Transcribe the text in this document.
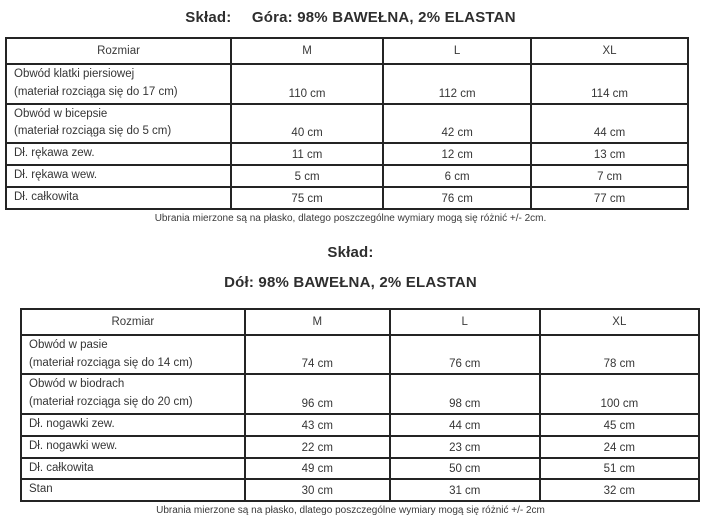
Skład: Góra: 98% BAWEŁNA, 2% ELASTAN
Rozmiar	M	L	XL

Obwód klatki piersiowej
(materiał rozciąga się do 17 cm)	110 cm	112 cm	114 cm

Obwód w bicepsie
(materiał rozciąga się do 5 cm)	40 cm	42 cm	44 cm

Dł. rękawa zew.	11 cm	12 cm	13 cm

Dł. rękawa wew.	5 cm	6 cm	7 cm

Dł. całkowita	75 cm	76 cm	77 cm
Ubrania mierzone są na płasko, dlatego poszczególne wymiary mogą się różnić +/- 2cm.
Skład:
Dół: 98% BAWEŁNA, 2% ELASTAN
Rozmiar	M	L	XL

Obwód w pasie
(materiał rozciąga się do 14 cm)	74 cm	76 cm	78 cm

Obwód w biodrach
(materiał rozciąga się do 20 cm)	96 cm	98 cm	100 cm

Dł. nogawki zew.	43 cm	44 cm	45 cm

Dł. nogawki wew.	22 cm	23 cm	24 cm

Dł. całkowita	49 cm	50 cm	51 cm

Stan	30 cm	31 cm	32 cm
Ubrania mierzone są na płasko, dlatego poszczególne wymiary mogą się różnić +/- 2cm
